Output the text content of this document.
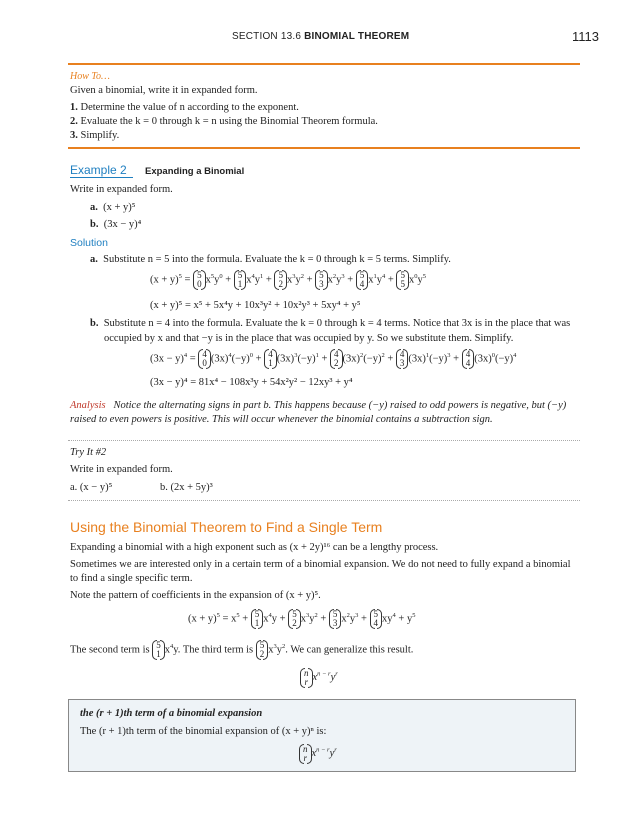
SECTION 13.6 BINOMIAL THEOREM	1113
How To…
Given a binomial, write it in expanded form.
1. Determine the value of n according to the exponent.
2. Evaluate the k = 0 through k = n using the Binomial Theorem formula.
3. Simplify.
Example 2	Expanding a Binomial
Write in expanded form.
a. (x + y)⁵
b. (3x − y)⁴
Solution
a. Substitute n = 5 into the formula. Evaluate the k = 0 through k = 5 terms. Simplify.
$(x + y)^5 = 5$
0 $x^5y^0 + 5$
1 $x^4y^1 + 5$
2 $x^3y^2 + 5$
3 $x^2y^3 + 5$
4 $x^1y^4 + 5$
5 $x^0y^5$
(x + y)⁵ = x⁵ + 5x⁴y + 10x³y² + 10x²y³ + 5xy⁴ + y⁵
b. Substitute n = 4 into the formula. Evaluate the k = 0 through k = 4 terms. Notice that 3x is in the place that was
occupied by x and that −y is in the place that was occupied by y. So we substitute them. Simplify.
$(3x - y)^4 = 4$
0 $(3x)^4(-y)^0 + 4$
1 $(3x)^3(-y)^1 + 4$
2 $(3x)^2(-y)^2 + 4$
3 $(3x)^1(-y)^3 + 4$
4 $(3x)^0(-y)^4$
(3x − y)⁴ = 81x⁴ − 108x³y + 54x²y² − 12xy³ + y⁴
Analysis Notice the alternating signs in part b. This happens because (−y) raised to odd powers is negative, but (−y)
raised to even powers is positive. This will occur whenever the binomial contains a subtraction sign.
Try It #2
Write in expanded form.
a. (x − y)⁵	b. (2x + 5y)³
Using the Binomial Theorem to Find a Single Term
Expanding a binomial with a high exponent such as (x + 2y)¹⁶ can be a lengthy process.
Sometimes we are interested only in a certain term of a binomial expansion. We do not need to fully expand a binomial
to find a single specific term.
Note the pattern of coefficients in the expansion of (x + y)⁵.
$(x + y)^5 = x^5 + 5$
1 $x^4y + 5$
2 $x^3y^2 + 5$
3 $x^2y^3 + 5$
4 $xy^4 + y^5$
The second term is 5
1 $x^4y$. The third term is 5
2 $x^3y^2$. We can generalize this result.
n
r $x^{n - r}y^r$
the (r + 1)th term of a binomial expansion
The (r + 1)th term of the binomial expansion of (x + y)ⁿ is:
n
r $x^{n - r}y^r$
